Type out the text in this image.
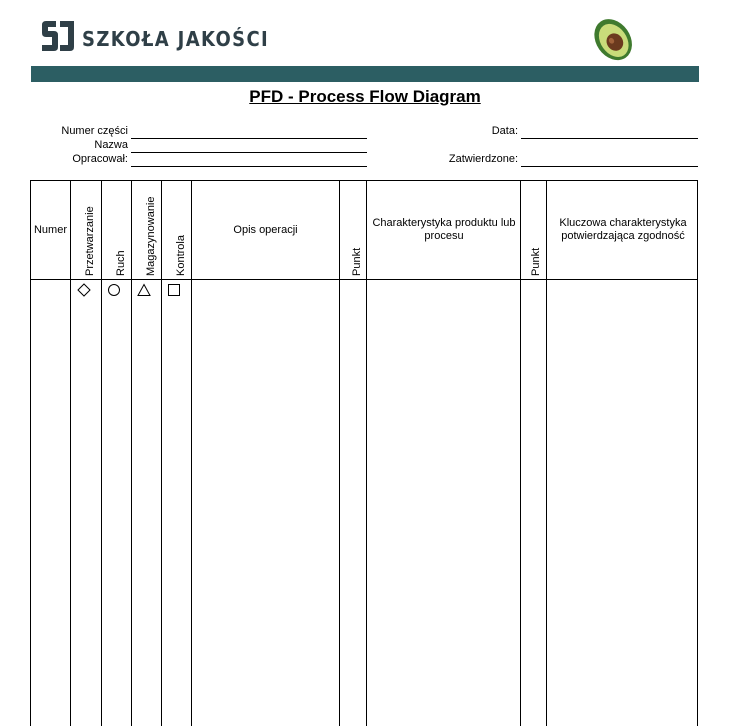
SZKOŁA JAKOŚCI
PFD - Process Flow Diagram
Numer części
Nazwa
Opracował:
Data:
Zatwierdzone:
Numer Przetwarzanie Ruch Magazynowanie Kontrola
Opis operacji
Punkt
Charakterystyka produktu lub procesu
Punkt
Kluczowa charakterystyka potwierdzająca zgodność
